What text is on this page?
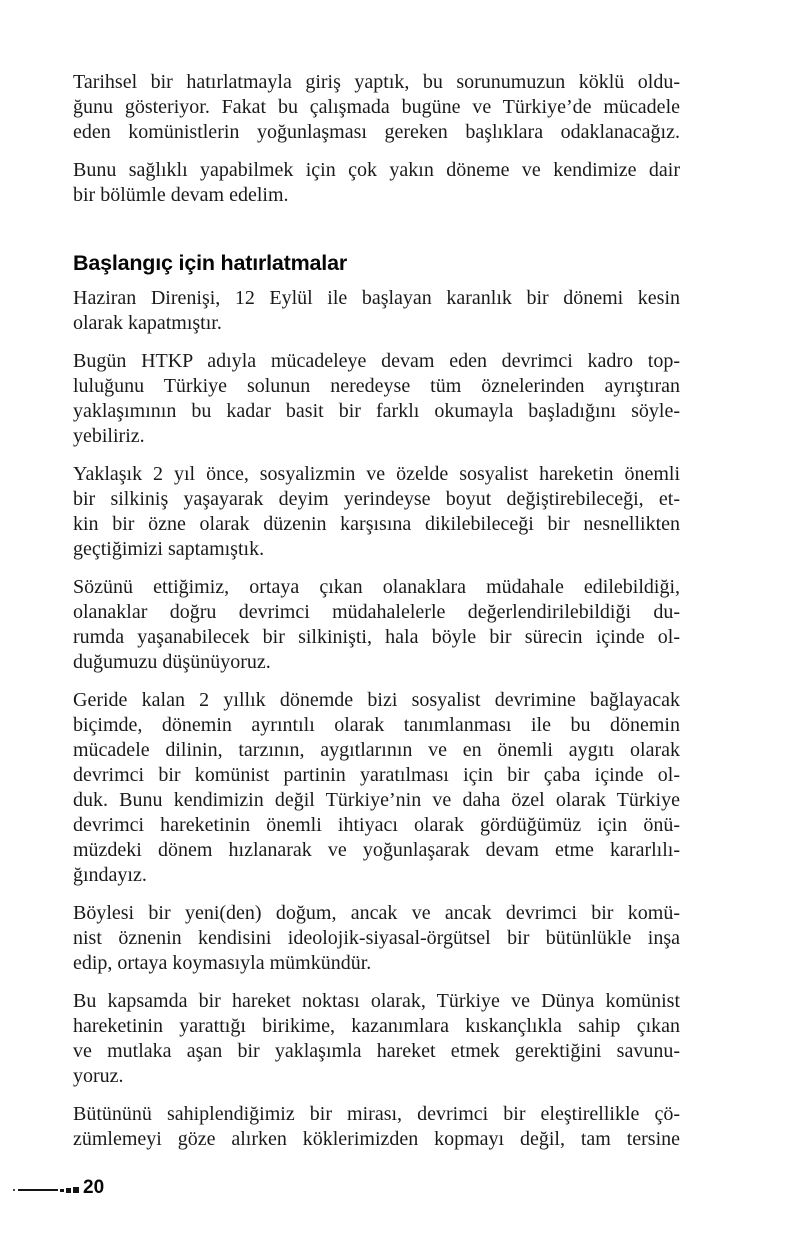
Tarihsel bir hatırlatmayla giriş yaptık, bu sorunumuzun köklü oldu-
ğunu gösteriyor. Fakat bu çalışmada bugüne ve Türkiye’de mücadele
eden komünistlerin yoğunlaşması gereken başlıklara odaklanacağız.

Bunu sağlıklı yapabilmek için çok yakın döneme ve kendimize dair
bir bölümle devam edelim.

Başlangıç için hatırlatmalar

Haziran Direnişi, 12 Eylül ile başlayan karanlık bir dönemi kesin
olarak kapatmıştır.

Bugün HTKP adıyla mücadeleye devam eden devrimci kadro top-
luluğunu Türkiye solunun neredeyse tüm öznelerinden ayrıştıran
yaklaşımının bu kadar basit bir farklı okumayla başladığını söyle-
yebiliriz.

Yaklaşık 2 yıl önce, sosyalizmin ve özelde sosyalist hareketin önemli
bir silkiniş yaşayarak deyim yerindeyse boyut değiştirebileceği, et-
kin bir özne olarak düzenin karşısına dikilebileceği bir nesnellikten
geçtiğimizi saptamıştık.

Sözünü ettiğimiz, ortaya çıkan olanaklara müdahale edilebildiği,
olanaklar doğru devrimci müdahalelerle değerlendirilebildiği du-
rumda yaşanabilecek bir silkinişti, hala böyle bir sürecin içinde ol-
duğumuzu düşünüyoruz.

Geride kalan 2 yıllık dönemde bizi sosyalist devrimine bağlayacak
biçimde, dönemin ayrıntılı olarak tanımlanması ile bu dönemin
mücadele dilinin, tarzının, aygıtlarının ve en önemli aygıtı olarak
devrimci bir komünist partinin yaratılması için bir çaba içinde ol-
duk. Bunu kendimizin değil Türkiye’nin ve daha özel olarak Türkiye
devrimci hareketinin önemli ihtiyacı olarak gördüğümüz için önü-
müzdeki dönem hızlanarak ve yoğunlaşarak devam etme kararlılı-
ğındayız.

Böylesi bir yeni(den) doğum, ancak ve ancak devrimci bir komü-
nist öznenin kendisini ideolojik-siyasal-örgütsel bir bütünlükle inşa
edip, ortaya koymasıyla mümkündür.

Bu kapsamda bir hareket noktası olarak, Türkiye ve Dünya komünist
hareketinin yarattığı birikime, kazanımlara kıskançlıkla sahip çıkan
ve mutlaka aşan bir yaklaşımla hareket etmek gerektiğini savunu-
yoruz.

Bütününü sahiplendiğimiz bir mirası, devrimci bir eleştirellikle çö-
zümlemeyi göze alırken köklerimizden kopmayı değil, tam tersine

20
